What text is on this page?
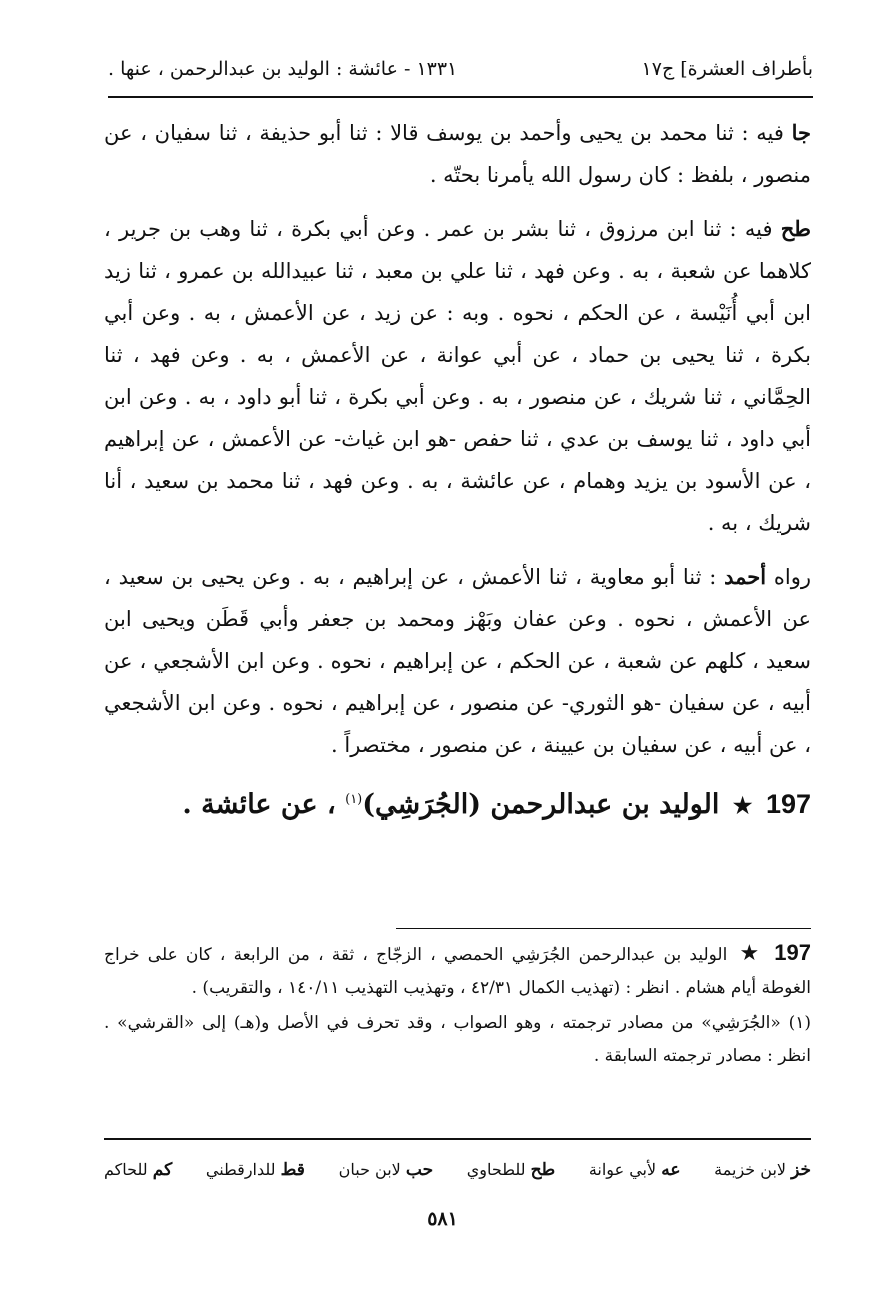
بأطراف العشرة] ج١٧
١٣٣١ - عائشة : الوليد بن عبدالرحمن ، عنها .

جا فيه : ثنا محمد بن يحيى وأحمد بن يوسف قالا : ثنا أبو حذيفة ، ثنا سفيان ، عن منصور ، بلفظ : كان رسول الله يأمرنا بحتّه .

طح فيه : ثنا ابن مرزوق ، ثنا بشر بن عمر . وعن أبي بكرة ، ثنا وهب بن جرير ، كلاهما عن شعبة ، به . وعن فهد ، ثنا علي بن معبد ، ثنا عبيدالله بن عمرو ، ثنا زيد ابن أبي أُنَيْسة ، عن الحكم ، نحوه . وبه : عن زيد ، عن الأعمش ، به . وعن أبي بكرة ، ثنا يحيى بن حماد ، عن أبي عوانة ، عن الأعمش ، به . وعن فهد ، ثنا الحِمَّاني ، ثنا شريك ، عن منصور ، به . وعن أبي بكرة ، ثنا أبو داود ، به . وعن ابن أبي داود ، ثنا يوسف بن عدي ، ثنا حفص -هو ابن غياث- عن الأعمش ، عن إبراهيم ، عن الأسود بن يزيد وهمام ، عن عائشة ، به . وعن فهد ، ثنا محمد بن سعيد ، أنا شريك ، به .

رواه أحمد : ثنا أبو معاوية ، ثنا الأعمش ، عن إبراهيم ، به . وعن يحيى بن سعيد ، عن الأعمش ، نحوه . وعن عفان وبَهْز ومحمد بن جعفر وأبي قَطَن ويحيى ابن سعيد ، كلهم عن شعبة ، عن الحكم ، عن إبراهيم ، نحوه . وعن ابن الأشجعي ، عن أبيه ، عن سفيان -هو الثوري- عن منصور ، عن إبراهيم ، نحوه . وعن ابن الأشجعي ، عن أبيه ، عن سفيان بن عيينة ، عن منصور ، مختصراً .

197 ★ الوليد بن عبدالرحمن (الجُرَشِي)$^{(١)}$ ، عن عائشة .

197 ★ الوليد بن عبدالرحمن الجُرَشِي الحمصي ، الزجّاج ، ثقة ، من الرابعة ، كان على خراج الغوطة أيام هشام . انظر : (تهذيب الكمال ٤٢/٣١ ، وتهذيب التهذيب ١٤٠/١١ ، والتقريب) .

(١) «الجُرَشِي» من مصادر ترجمته ، وهو الصواب ، وقد تحرف في الأصل و(هـ) إلى «القرشي» . انظر : مصادر ترجمته السابقة .

خز لابن خزيمة
عه لأبي عوانة
طح للطحاوي
حب لابن حبان
قط للدارقطني
كم للحاكم
٥٨١
